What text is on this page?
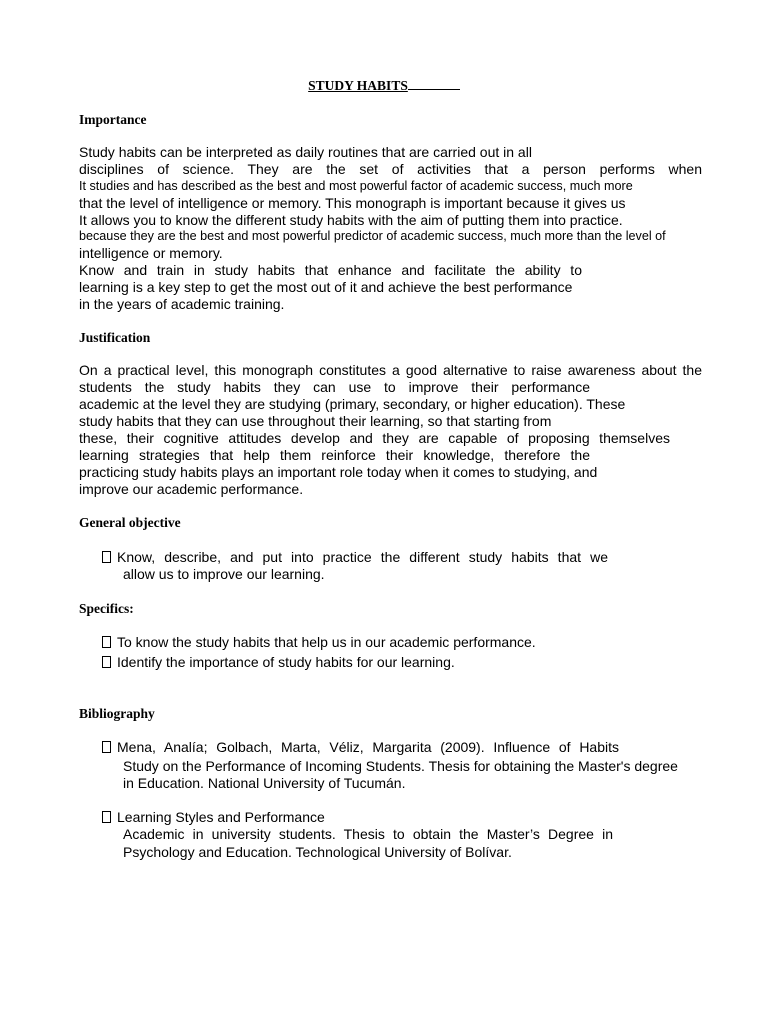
STUDY HABITS
Importance
Study habits can be interpreted as daily routines that are carried out in all
disciplines of science. They are the set of activities that a person performs when
It studies and has described as the best and most powerful factor of academic success, much more
that the level of intelligence or memory. This monograph is important because it gives us
It allows you to know the different study habits with the aim of putting them into practice.
because they are the best and most powerful predictor of academic success, much more than the level of
intelligence or memory.
Know and train in study habits that enhance and facilitate the ability to
learning is a key step to get the most out of it and achieve the best performance
in the years of academic training.
Justification
On a practical level, this monograph constitutes a good alternative to raise awareness about the
students the study habits they can use to improve their performance
academic at the level they are studying (primary, secondary, or higher education). These
study habits that they can use throughout their learning, so that starting from
these, their cognitive attitudes develop and they are capable of proposing themselves
learning strategies that help them reinforce their knowledge, therefore the
practicing study habits plays an important role today when it comes to studying, and
improve our academic performance.
General objective
Know, describe, and put into practice the different study habits that we
allow us to improve our learning.
Specifics:
To know the study habits that help us in our academic performance.
Identify the importance of study habits for our learning.
Bibliography
Mena, Analía; Golbach, Marta, Véliz, Margarita (2009). Influence of Habits
Study on the Performance of Incoming Students. Thesis for obtaining the Master's degree
in Education. National University of Tucumán.
Learning Styles and Performance
Academic in university students. Thesis to obtain the Master’s Degree in
Psychology and Education. Technological University of Bolívar.
